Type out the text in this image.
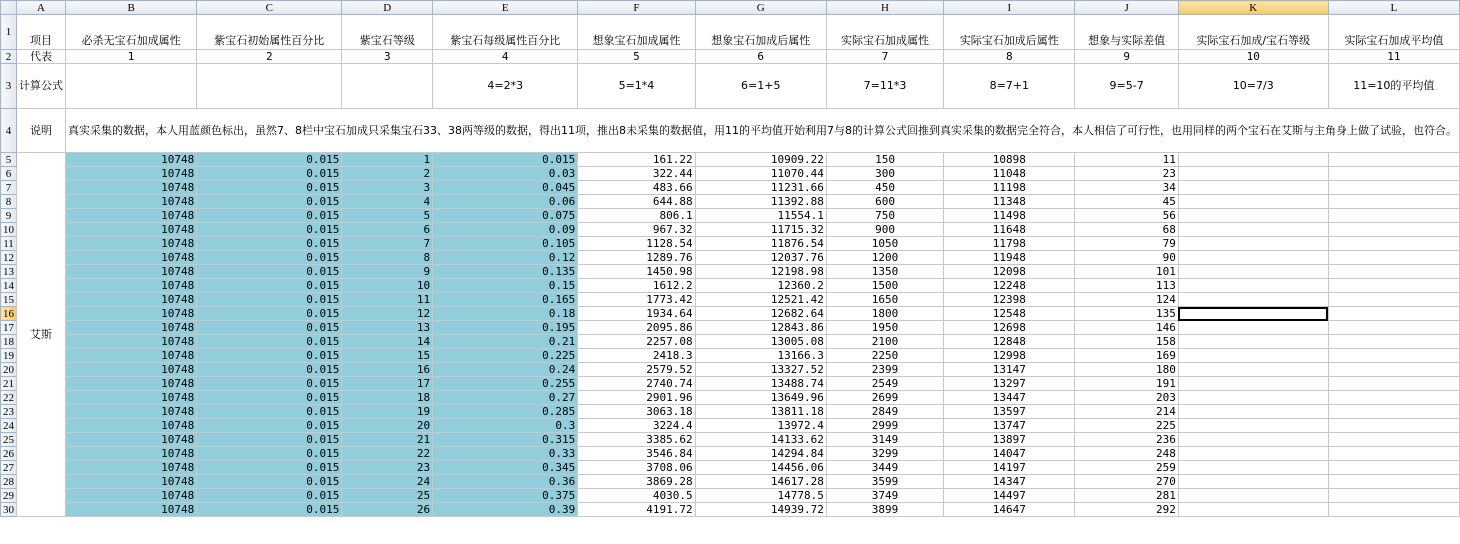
	A	B	C	D	E	F	G	H	I	J	K	L
1	项目	必杀无宝石加成属性	紫宝石初始属性百分比	紫宝石等级	紫宝石每级属性百分比	想象宝石加成属性	想象宝石加成后属性	实际宝石加成属性	实际宝石加成后属性	想象与实际差值	实际宝石加成/宝石等级	实际宝石加成平均值
2	代表	1	2	3	4	5	6	7	8	9	10	11
3	计算公式				4=2*3	5=1*4	6=1+5	7=11*3	8=7+1	9=5-7	10=7/3	11=10的平均值
4	说明	真实采集的数据，本人用蓝颜色标出，虽然7、8栏中宝石加成只采集宝石33、38两等级的数据，得出11项，推出8未采集的数据值，用11的平均值开始利用7与8的计算公式回推到真实采集的数据完全符合，本人相信了可行性，也用同样的两个宝石在艾斯与主角身上做了试验，也符合。										
5	艾斯	10748	0.015	1	0.015	161.22	10909.22	150	10898	11		
6		10748	0.015	2	0.03	322.44	11070.44	300	11048	23		
7		10748	0.015	3	0.045	483.66	11231.66	450	11198	34		
8		10748	0.015	4	0.06	644.88	11392.88	600	11348	45		
9		10748	0.015	5	0.075	806.1	11554.1	750	11498	56		
10		10748	0.015	6	0.09	967.32	11715.32	900	11648	68		
11		10748	0.015	7	0.105	1128.54	11876.54	1050	11798	79		
12		10748	0.015	8	0.12	1289.76	12037.76	1200	11948	90		
13		10748	0.015	9	0.135	1450.98	12198.98	1350	12098	101		
14		10748	0.015	10	0.15	1612.2	12360.2	1500	12248	113		
15		10748	0.015	11	0.165	1773.42	12521.42	1650	12398	124		
16		10748	0.015	12	0.18	1934.64	12682.64	1800	12548	135		
17		10748	0.015	13	0.195	2095.86	12843.86	1950	12698	146		
18		10748	0.015	14	0.21	2257.08	13005.08	2100	12848	158		
19		10748	0.015	15	0.225	2418.3	13166.3	2250	12998	169		
20		10748	0.015	16	0.24	2579.52	13327.52	2399	13147	180		
21		10748	0.015	17	0.255	2740.74	13488.74	2549	13297	191		
22		10748	0.015	18	0.27	2901.96	13649.96	2699	13447	203		
23		10748	0.015	19	0.285	3063.18	13811.18	2849	13597	214		
24		10748	0.015	20	0.3	3224.4	13972.4	2999	13747	225		
25		10748	0.015	21	0.315	3385.62	14133.62	3149	13897	236		
26		10748	0.015	22	0.33	3546.84	14294.84	3299	14047	248		
27		10748	0.015	23	0.345	3708.06	14456.06	3449	14197	259		
28		10748	0.015	24	0.36	3869.28	14617.28	3599	14347	270		
29		10748	0.015	25	0.375	4030.5	14778.5	3749	14497	281		
30		10748	0.015	26	0.39	4191.72	14939.72	3899	14647	292		
